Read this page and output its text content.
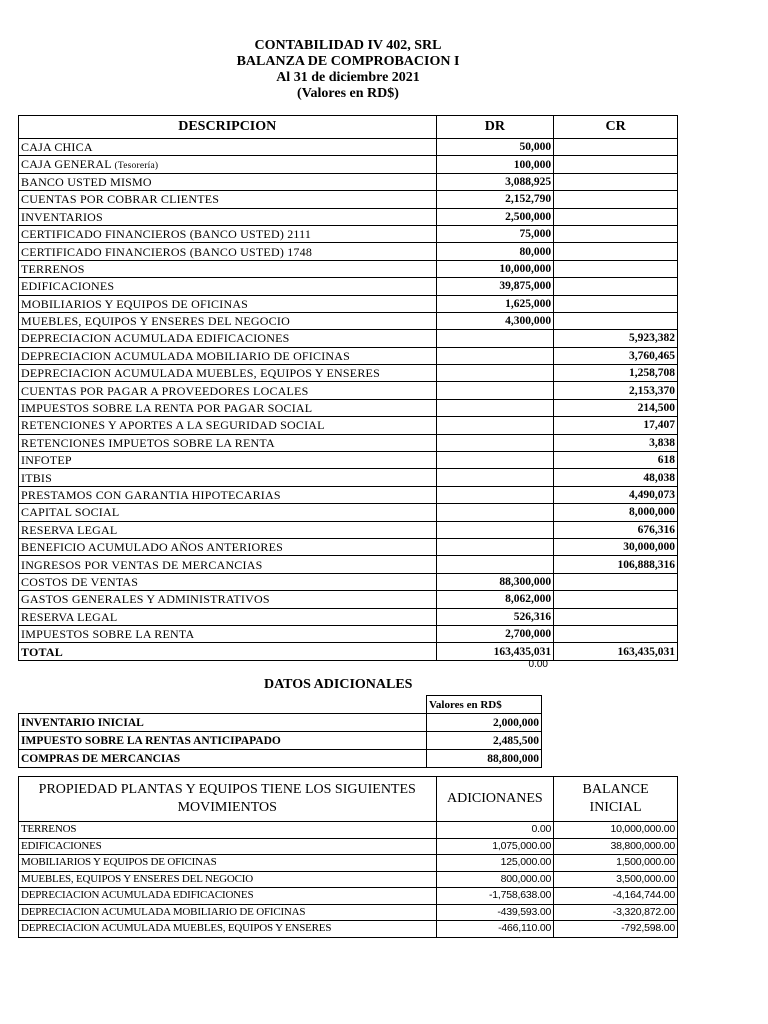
CONTABILIDAD IV 402, SRL
BALANZA DE COMPROBACION I
Al 31 de diciembre 2021
(Valores en RD$)
DESCRIPCION	DR	CR
CAJA CHICA	50,000	
CAJA GENERAL (Tesorería)	100,000	
BANCO USTED MISMO	3,088,925	
CUENTAS POR COBRAR CLIENTES	2,152,790	
INVENTARIOS	2,500,000	
CERTIFICADO FINANCIEROS (BANCO USTED) 2111	75,000	
CERTIFICADO FINANCIEROS (BANCO USTED) 1748	80,000	
TERRENOS	10,000,000	
EDIFICACIONES	39,875,000	
MOBILIARIOS Y EQUIPOS DE OFICINAS	1,625,000	
MUEBLES, EQUIPOS Y ENSERES DEL NEGOCIO	4,300,000	
DEPRECIACION ACUMULADA EDIFICACIONES		5,923,382
DEPRECIACION ACUMULADA MOBILIARIO DE OFICINAS		3,760,465
DEPRECIACION ACUMULADA MUEBLES, EQUIPOS Y ENSERES		1,258,708
CUENTAS POR PAGAR A PROVEEDORES LOCALES		2,153,370
IMPUESTOS SOBRE LA RENTA POR PAGAR SOCIAL		214,500
RETENCIONES Y APORTES A LA SEGURIDAD SOCIAL		17,407
RETENCIONES IMPUETOS SOBRE LA RENTA		3,838
INFOTEP		618
ITBIS		48,038
PRESTAMOS CON GARANTIA HIPOTECARIAS		4,490,073
CAPITAL SOCIAL		8,000,000
RESERVA LEGAL		676,316
BENEFICIO ACUMULADO AÑOS ANTERIORES		30,000,000
INGRESOS POR VENTAS DE MERCANCIAS		106,888,316
COSTOS DE VENTAS	88,300,000	
GASTOS GENERALES Y ADMINISTRATIVOS	8,062,000	
RESERVA LEGAL	526,316	
IMPUESTOS SOBRE LA RENTA	2,700,000	
TOTAL	163,435,031	163,435,031
0.00
DATOS ADICIONALES
	Valores en RD$
INVENTARIO INICIAL	2,000,000
IMPUESTO SOBRE LA RENTAS ANTICIPAPADO	2,485,500
COMPRAS DE MERCANCIAS	88,800,000
PROPIEDAD PLANTAS Y EQUIPOS TIENE LOS SIGUIENTES MOVIMIENTOS	ADICIONANES	BALANCE INICIAL
TERRENOS	0.00	10,000,000.00
EDIFICACIONES	1,075,000.00	38,800,000.00
MOBILIARIOS Y EQUIPOS DE OFICINAS	125,000.00	1,500,000.00
MUEBLES, EQUIPOS Y ENSERES DEL NEGOCIO	800,000.00	3,500,000.00
DEPRECIACION ACUMULADA EDIFICACIONES	-1,758,638.00	-4,164,744.00
DEPRECIACION ACUMULADA MOBILIARIO DE OFICINAS	-439,593.00	-3,320,872.00
DEPRECIACION ACUMULADA MUEBLES, EQUIPOS Y ENSERES	-466,110.00	-792,598.00
